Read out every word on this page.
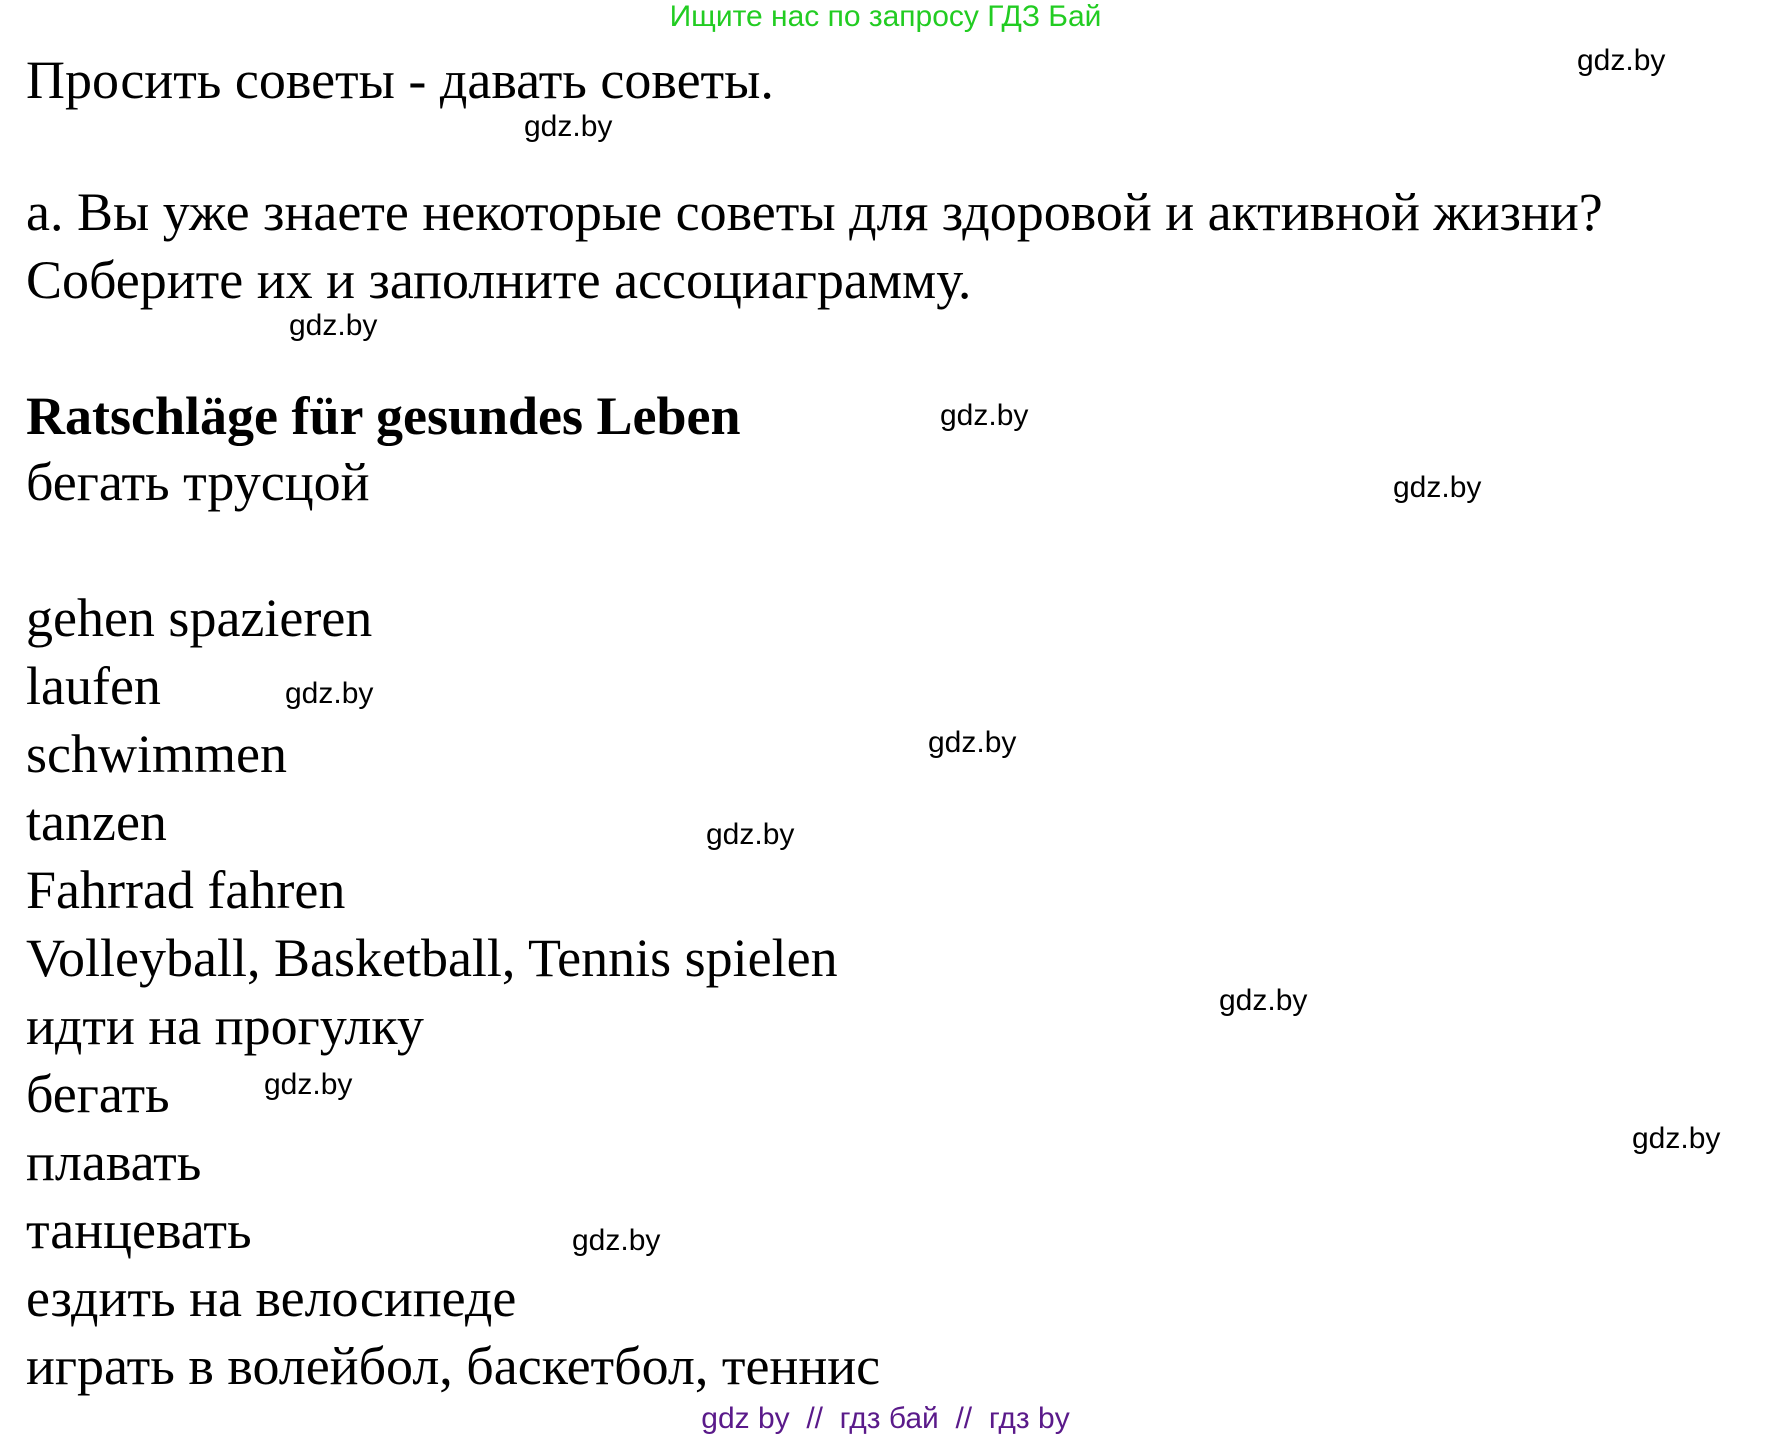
Ищите нас по запросу ГДЗ Бай
Просить советы - давать советы.
a. Вы уже знаете некоторые советы для здоровой и активной жизни?
Соберите их и заполните ассоциаграмму.
Ratschläge für gesundes Leben
бегать трусцой
gehen spazieren
laufen
schwimmen
tanzen
Fahrrad fahren
Volleyball, Basketball, Tennis spielen
идти на прогулку
бегать
плавать
танцевать
ездить на велосипеде
играть в волейбол, баскетбол, теннис
gdz.by
gdz.by
gdz.by
gdz.by
gdz.by
gdz.by
gdz.by
gdz.by
gdz.by
gdz.by
gdz.by
gdz.by
gdz by  //  гдз бай  //  гдз by
